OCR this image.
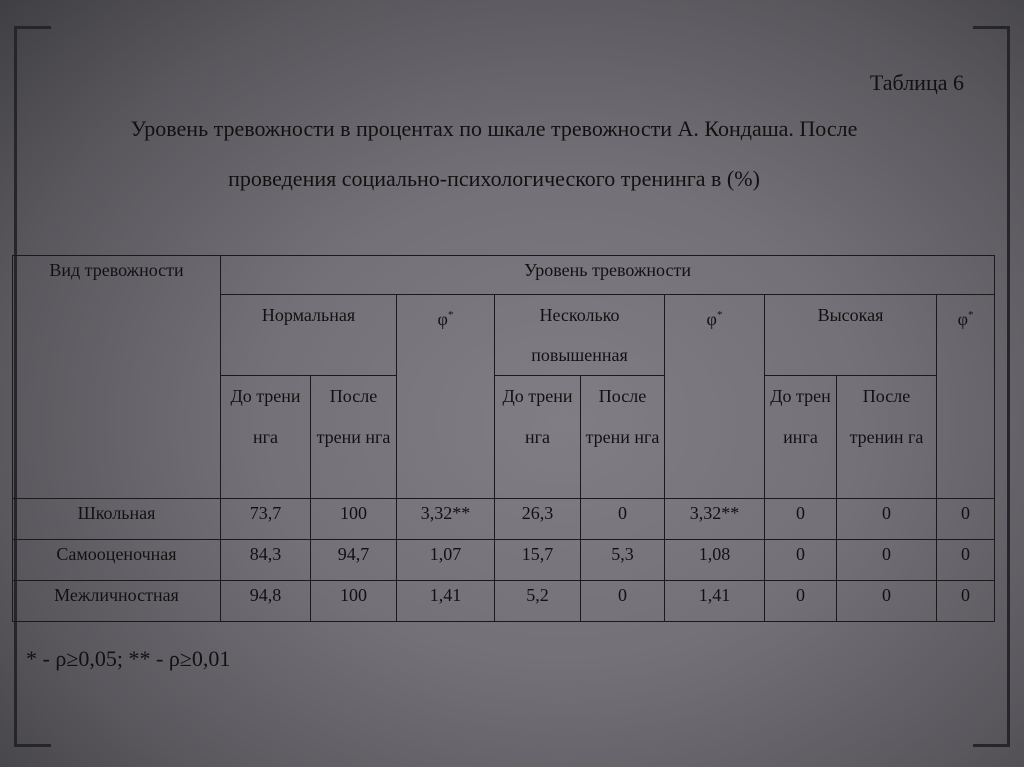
Таблица 6
Уровень тревожности в процентах по шкале тревожности А. Кондаша. После
проведения социально-психологического тренинга в (%)
Вид тревожности	Уровень тревожности								
	Нормальная		φ*	Несколько повышенная		φ*	Высокая		φ*
	До трени нга	После трени нга		До трени нга	После трени нга		До трен инга	После тренин га	
Школьная	73,7	100	3,32**	26,3	0	3,32**	0	0	0
Самооценочная	84,3	94,7	1,07	15,7	5,3	1,08	0	0	0
Межличностная	94,8	100	1,41	5,2	0	1,41	0	0	0
* - ρ≥0,05; ** - ρ≥0,01
